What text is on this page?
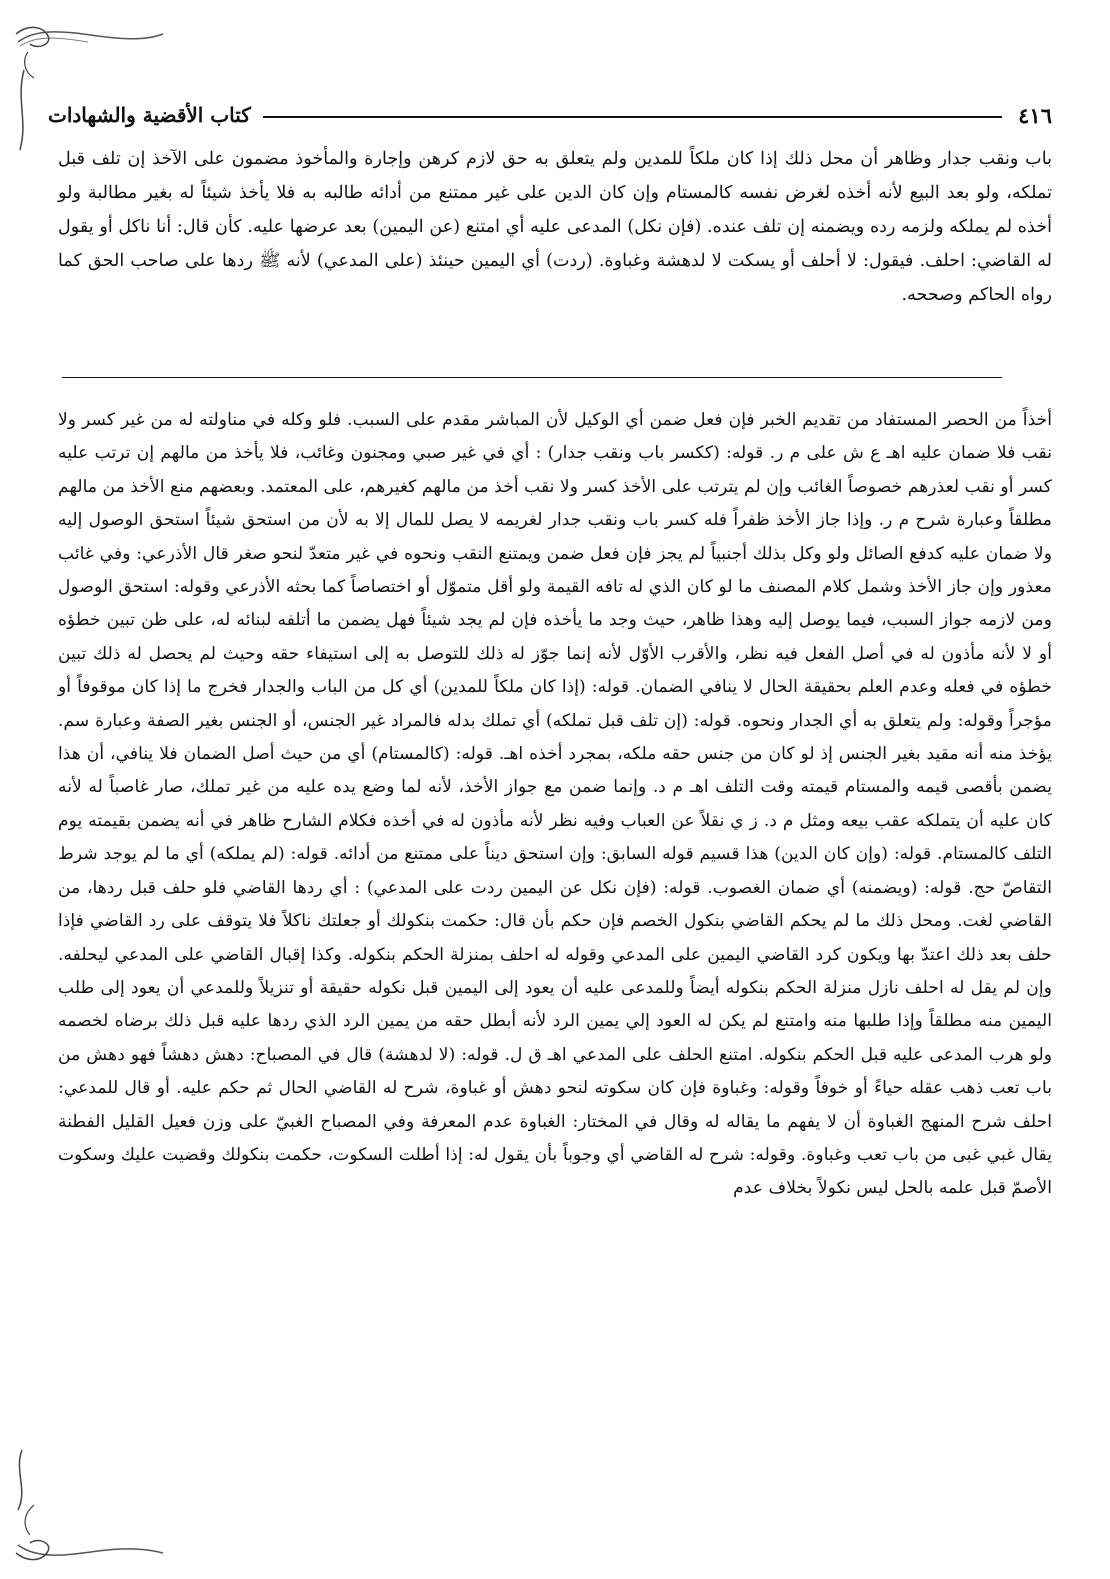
٤١٦
كتاب الأقضية والشهادات

باب ونقب جدار وظاهر أن محل ذلك إذا كان ملكاً للمدين ولم يتعلق به حق لازم كرهن وإجارة والمأخوذ مضمون على الآخذ إن تلف قبل تملكه، ولو بعد البيع لأنه أخذه لغرض نفسه كالمستام وإن كان الدين على غير ممتنع من أدائه طالبه به فلا يأخذ شيئاً له بغير مطالبة ولو أخذه لم يملكه ولزمه رده ويضمنه إن تلف عنده. (فإن نكل) المدعى عليه أي امتنع (عن اليمين) بعد عرضها عليه. كأن قال: أنا ناكل أو يقول له القاضي: احلف. فيقول: لا أحلف أو يسكت لا لدهشة وغباوة. (ردت) أي اليمين حينئذ (على المدعي) لأنه ﷺ ردها على صاحب الحق كما رواه الحاكم وصححه.

أخذاً من الحصر المستفاد من تقديم الخبر فإن فعل ضمن أي الوكيل لأن المباشر مقدم على السبب. فلو وكله في مناولته له من غير كسر ولا نقب فلا ضمان عليه اهـ ع ش على م ر. قوله: (ككسر باب ونقب جدار) : أي في غير صبي ومجنون وغائب، فلا يأخذ من مالهم إن ترتب عليه كسر أو نقب لعذرهم خصوصاً الغائب وإن لم يترتب على الأخذ كسر ولا نقب أخذ من مالهم كغيرهم، على المعتمد. وبعضهم منع الأخذ من مالهم مطلقاً وعبارة شرح م ر. وإذا جاز الأخذ ظفراً فله كسر باب ونقب جدار لغريمه لا يصل للمال إلا به لأن من استحق شيئاً استحق الوصول إليه ولا ضمان عليه كدفع الصائل ولو وكل بذلك أجنبياً لم يجز فإن فعل ضمن ويمتنع النقب ونحوه في غير متعدّ لنحو صغر قال الأذرعي: وفي غائب معذور وإن جاز الأخذ وشمل كلام المصنف ما لو كان الذي له تافه القيمة ولو أقل متموّل أو اختصاصاً كما بحثه الأذرعي وقوله: استحق الوصول ومن لازمه جواز السبب، فيما يوصل إليه وهذا ظاهر، حيث وجد ما يأخذه فإن لم يجد شيئاً فهل يضمن ما أتلفه لبنائه له، على ظن تبين خطؤه أو لا لأنه مأذون له في أصل الفعل فيه نظر، والأقرب الأوّل لأنه إنما جوّز له ذلك للتوصل به إلى استيفاء حقه وحيث لم يحصل له ذلك تبين خطؤه في فعله وعدم العلم بحقيقة الحال لا ينافي الضمان. قوله: (إذا كان ملكاً للمدين) أي كل من الباب والجدار فخرج ما إذا كان موقوفاً أو مؤجراً وقوله: ولم يتعلق به أي الجدار ونحوه. قوله: (إن تلف قبل تملكه) أي تملك بدله فالمراد غير الجنس، أو الجنس بغير الصفة وعبارة سم. يؤخذ منه أنه مقيد بغير الجنس إذ لو كان من جنس حقه ملكه، بمجرد أخذه اهـ. قوله: (كالمستام) أي من حيث أصل الضمان فلا ينافي، أن هذا يضمن بأقصى قيمه والمستام قيمته وقت التلف اهـ م د. وإنما ضمن مع جواز الأخذ، لأنه لما وضع يده عليه من غير تملك، صار غاصباً له لأنه كان عليه أن يتملكه عقب بيعه ومثل م د. ز ي نقلاً عن العباب وفيه نظر لأنه مأذون له في أخذه فكلام الشارح ظاهر في أنه يضمن بقيمته يوم التلف كالمستام. قوله: (وإن كان الدين) هذا قسيم قوله السابق: وإن استحق ديناً على ممتنع من أدائه. قوله: (لم يملكه) أي ما لم يوجد شرط التقاصّ حج. قوله: (ويضمنه) أي ضمان الغصوب. قوله: (فإن نكل عن اليمين ردت على المدعي) : أي ردها القاضي فلو حلف قبل ردها، من القاضي لغت. ومحل ذلك ما لم يحكم القاضي بنكول الخصم فإن حكم بأن قال: حكمت بنكولك أو جعلتك ناكلاً فلا يتوقف على رد القاضي فإذا حلف بعد ذلك اعتدّ بها ويكون كرد القاضي اليمين على المدعي وقوله له احلف بمنزلة الحكم بنكوله. وكذا إقبال القاضي على المدعي ليحلفه. وإن لم يقل له احلف نازل منزلة الحكم بنكوله أيضاً وللمدعى عليه أن يعود إلى اليمين قبل نكوله حقيقة أو تنزيلاً وللمدعي أن يعود إلى طلب اليمين منه مطلقاً وإذا طلبها منه وامتنع لم يكن له العود إلي يمين الرد لأنه أبطل حقه من يمين الرد الذي ردها عليه قبل ذلك برضاه لخصمه ولو هرب المدعى عليه قبل الحكم بنكوله. امتنع الحلف على المدعي اهـ ق ل. قوله: (لا لدهشة) قال في المصباح: دهش دهشاً فهو دهش من باب تعب ذهب عقله حياءً أو خوفاً وقوله: وغباوة فإن كان سكوته لنحو دهش أو غباوة، شرح له القاضي الحال ثم حكم عليه. أو قال للمدعي: احلف شرح المنهج الغباوة أن لا يفهم ما يقاله له وقال في المختار: الغباوة عدم المعرفة وفي المصباح الغبيّ على وزن فعيل القليل الفطنة يقال غبي غبى من باب تعب وغباوة. وقوله: شرح له القاضي أي وجوباً بأن يقول له: إذا أطلت السكوت، حكمت بنكولك وقضيت عليك وسكوت الأصمّ قبل علمه بالحل ليس نكولاً بخلاف عدم
